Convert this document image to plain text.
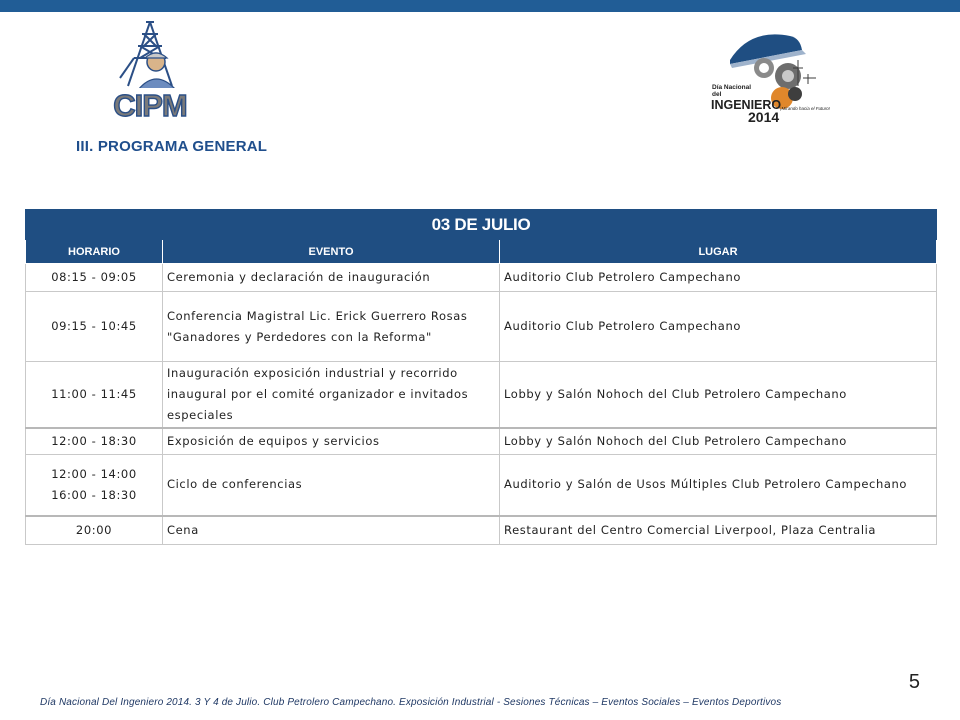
CIPM
Día Nacional
del
INGENIERO
2014
¡Mirando hacia el Futuro!
III. PROGRAMA GENERAL
03 DE JULIO		
HORARIO	EVENTO	LUGAR

08:15 - 09:05	Ceremonia y declaración de inauguración	Auditorio Club Petrolero Campechano

09:15 - 10:45	Conferencia Magistral Lic. Erick Guerrero Rosas "Ganadores y Perdedores con la Reforma"	Auditorio Club Petrolero Campechano

11:00 - 11:45	Inauguración exposición industrial y recorrido inaugural por el comité organizador e invitados especiales	Lobby y Salón Nohoch del Club Petrolero Campechano

12:00 - 18:30	Exposición de equipos y servicios	Lobby y Salón Nohoch del Club Petrolero Campechano

12:00 - 14:00
16:00 - 18:30	Ciclo de conferencias	Auditorio y Salón de Usos Múltiples Club Petrolero Campechano

20:00	Cena	Restaurant del Centro Comercial Liverpool, Plaza Centralia
5
Día Nacional Del Ingeniero 2014. 3 Y 4 de Julio. Club Petrolero Campechano. Exposición Industrial - Sesiones Técnicas – Eventos Sociales – Eventos Deportivos
